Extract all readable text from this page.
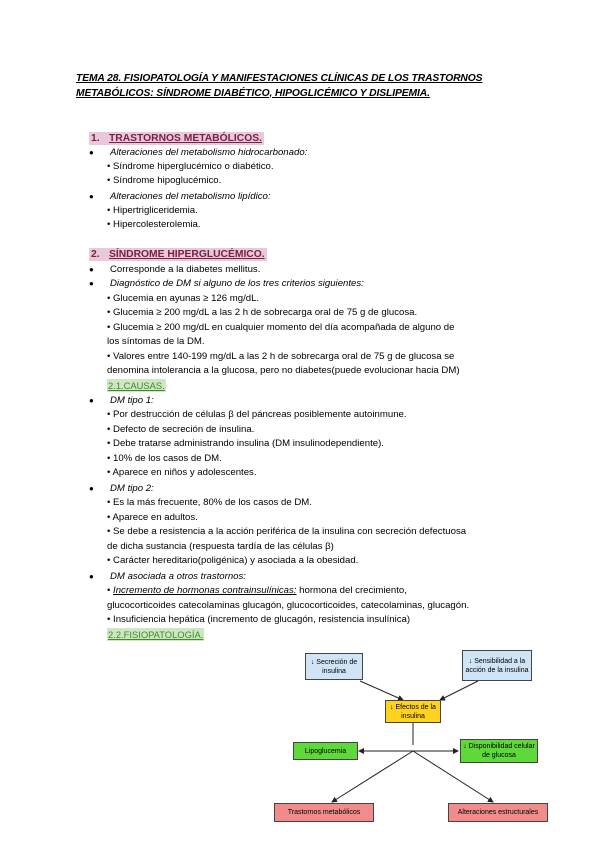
TEMA 28. FISIOPATOLOGÍA Y MANIFESTACIONES CLÍNICAS DE LOS TRASTORNOS METABÓLICOS: SÍNDROME DIABÉTICO, HIPOGLICÉMICO Y DISLIPEMIA.
1. TRASTORNOS METABÓLICOS.
● Alteraciones del metabolismo hidrocarbonado:
• Síndrome hiperglucémico o diabético.
• Síndrome hipoglucémico.
● Alteraciones del metabolismo lipídico:
• Hipertrigliceridemia.
• Hipercolesterolemia.
2. SÍNDROME HIPERGLUCÉMICO.
● Corresponde a la diabetes mellitus.
● Diagnóstico de DM si alguno de los tres criterios siguientes:
• Glucemia en ayunas ≥ 126 mg/dL.
• Glucemia ≥ 200 mg/dL a las 2 h de sobrecarga oral de 75 g de glucosa.
• Glucemia ≥ 200 mg/dL en cualquier momento del día acompañada de alguno de
los síntomas de la DM.
• Valores entre 140-199 mg/dL a las 2 h de sobrecarga oral de 75 g de glucosa se
denomina intolerancia a la glucosa, pero no diabetes(puede evolucionar hacia DM)
2.1.CAUSAS.
● DM tipo 1:
• Por destrucción de células β del páncreas posiblemente autoinmune.
• Defecto de secreción de insulina.
• Debe tratarse administrando insulina (DM insulinodependiente).
• 10% de los casos de DM.
• Aparece en niños y adolescentes.
● DM tipo 2:
• Es la más frecuente, 80% de los casos de DM.
• Aparece en adultos.
• Se debe a resistencia a la acción periférica de la insulina con secreción defectuosa
de dicha sustancia (respuesta tardía de las células β)
• Carácter hereditario(poligénica) y asociada a la obesidad.
● DM asociada a otros trastornos:
• Incremento de hormonas contrainsulínicas: hormona del crecimiento,
glucocorticoides catecolaminas glucagón, glucocorticoides, catecolaminas, glucagón.
• Insuficiencia hepática (incremento de glucagón, resistencia insulínica)
2.2.FISIOPATOLOGÍA.
↓ Secreción de insulina
↓ Sensibilidad a la acción de la insulina
↓ Efectos de la insulina
Lipoglucemia
↓ Disponibilidad celular de glucosa
Trastornos metabólicos	Alteraciones estructurales
